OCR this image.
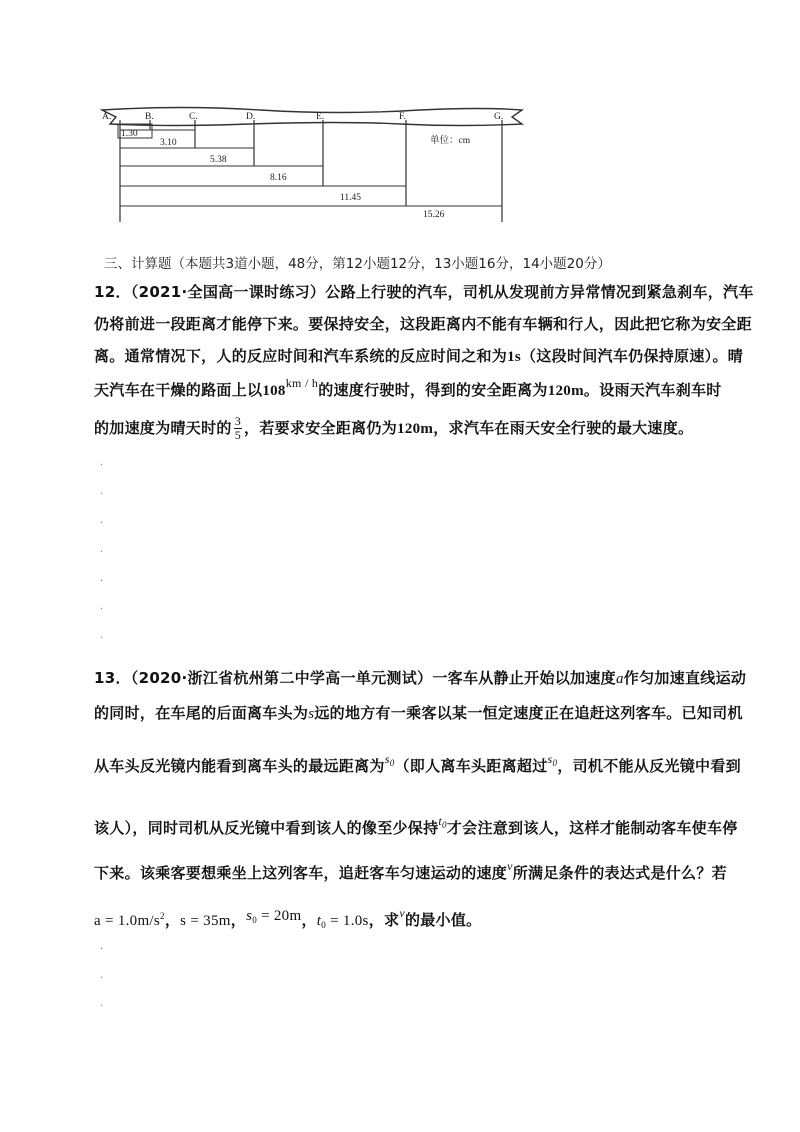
A.	B.	C.	D.	E.	F.	G.
单位：cm
1.30
3.10
5.38
8.16
11.45
15.26
三、计算题（本题共3道小题，48分，第12小题12分，13小题16分，14小题20分）
12．（2021·全国高一课时练习）公路上行驶的汽车，司机从发现前方异常情况到紧急刹车，汽车
仍将前进一段距离才能停下来。要保持安全，这段距离内不能有车辆和行人，因此把它称为安全距
离。通常情况下，人的反应时间和汽车系统的反应时间之和为1s（这段时间汽车仍保持原速）。晴
天汽车在干燥的路面上以$108^{km / h}$的速度行驶时，得到的安全距离为120m。设雨天汽车刹车时
的加速度为晴天时的 $\frac{3}{5}$ ，若要求安全距离仍为120m，求汽车在雨天安全行驶的最大速度。
.
.
.
.
.
.
.
13．（2020·浙江省杭州第二中学高一单元测试）一客车从静止开始以加速度a作匀加速直线运动
的同时，在车尾的后面离车头为s远的地方有一乘客以某一恒定速度正在追赶这列客车。已知司机
从车头反光镜内能看到离车头的最远距离为$^{s_0}$（即人离车头距离超过$^{s_0}$，司机不能从反光镜中看到
该人），同时司机从反光镜中看到该人的像至少保持$^{t_0}$才会注意到该人，这样才能制动客车使车停
下来。该乘客要想乘坐上这列客车，追赶客车匀速运动的速度$^v$所满足条件的表达式是什么？若
$a = 1.0m/s^2$，s = 35m，$s_0 = 20m$，$t_0 = 1.0s$，求$^v$的最小值。
.
.
.
